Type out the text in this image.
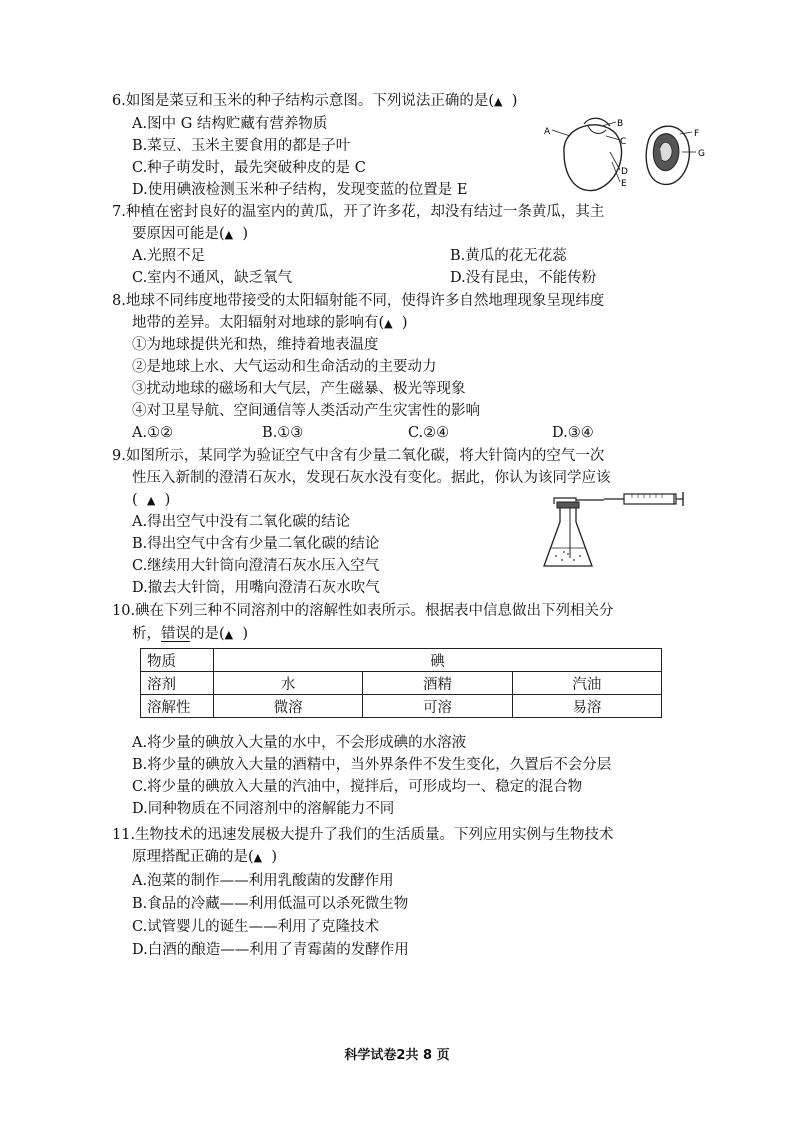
6.如图是菜豆和玉米的种子结构示意图。下列说法正确的是(▲ )
A.图中 G 结构贮藏有营养物质
B.菜豆、玉米主要食用的都是子叶
C.种子萌发时，最先突破种皮的是 C
D.使用碘液检测玉米种子结构，发现变蓝的位置是 E
A
B
C
D
E
F
G
7.种植在密封良好的温室内的黄瓜，开了许多花，却没有结过一条黄瓜，其主
要原因可能是(▲ )
A.光照不足	B.黄瓜的花无花蕊
C.室内不通风，缺乏氧气	D.没有昆虫，不能传粉
8.地球不同纬度地带接受的太阳辐射能不同，使得许多自然地理现象呈现纬度
地带的差异。太阳辐射对地球的影响有(▲ )
①为地球提供光和热，维持着地表温度
②是地球上水、大气运动和生命活动的主要动力
③扰动地球的磁场和大气层，产生磁暴、极光等现象
④对卫星导航、空间通信等人类活动产生灾害性的影响
A.①②	B.①③	C.②④	D.③④
9.如图所示，某同学为验证空气中含有少量二氧化碳，将大针筒内的空气一次
性压入新制的澄清石灰水，发现石灰水没有变化。据此，你认为该同学应该
( ▲ )
A.得出空气中没有二氧化碳的结论
B.得出空气中含有少量二氧化碳的结论
C.继续用大针筒向澄清石灰水压入空气
D.撤去大针筒，用嘴向澄清石灰水吹气
10.碘在下列三种不同溶剂中的溶解性如表所示。根据表中信息做出下列相关分
析，错误的是(▲ )
物质	碘		
溶剂	水	酒精	汽油
溶解性	微溶	可溶	易溶
A.将少量的碘放入大量的水中，不会形成碘的水溶液
B.将少量的碘放入大量的酒精中，当外界条件不发生变化，久置后不会分层
C.将少量的碘放入大量的汽油中，搅拌后，可形成均一、稳定的混合物
D.同种物质在不同溶剂中的溶解能力不同
11.生物技术的迅速发展极大提升了我们的生活质量。下列应用实例与生物技术
原理搭配正确的是(▲ )
A.泡菜的制作——利用乳酸菌的发酵作用
B.食品的冷藏——利用低温可以杀死微生物
C.试管婴儿的诞生——利用了克隆技术
D.白酒的酿造——利用了青霉菌的发酵作用
科学试卷2共 8 页
